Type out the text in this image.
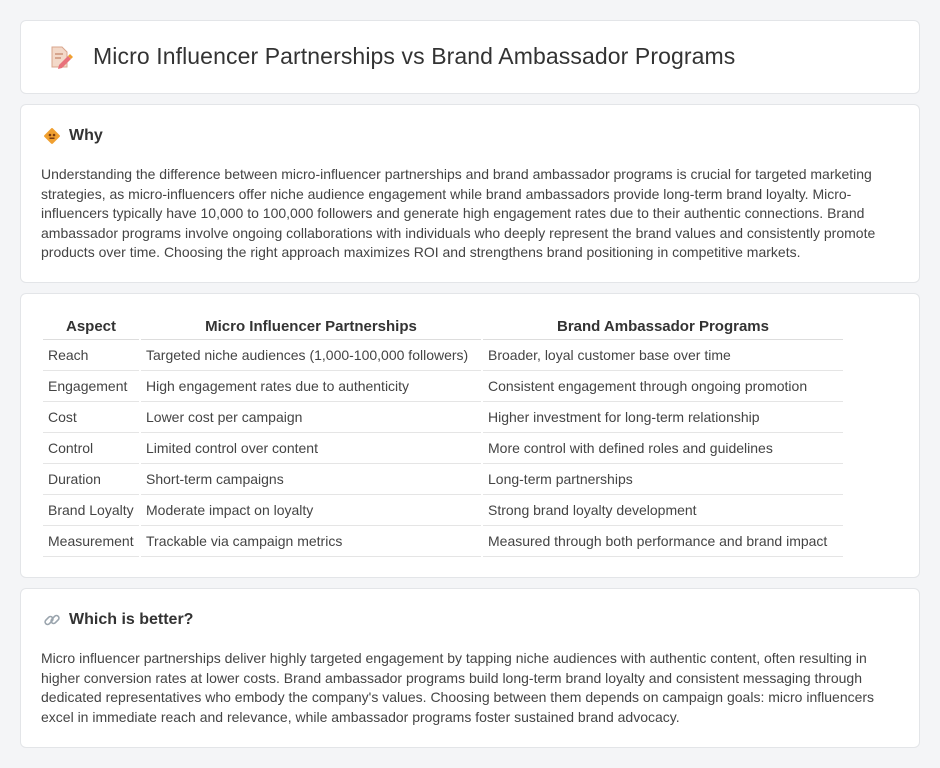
Micro Influencer Partnerships vs Brand Ambassador Programs
Why

Understanding the difference between micro-influencer partnerships and brand ambassador programs is crucial for targeted marketing strategies, as micro-influencers offer niche audience engagement while brand ambassadors provide long-term brand loyalty. Micro-influencers typically have 10,000 to 100,000 followers and generate high engagement rates due to their authentic connections. Brand ambassador programs involve ongoing collaborations with individuals who deeply represent the brand values and consistently promote products over time. Choosing the right approach maximizes ROI and strengthens brand positioning in competitive markets.

Aspect	Micro Influencer Partnerships	Brand Ambassador Programs
Reach	Targeted niche audiences (1,000-100,000 followers)	Broader, loyal customer base over time
Engagement	High engagement rates due to authenticity	Consistent engagement through ongoing promotion
Cost	Lower cost per campaign	Higher investment for long-term relationship
Control	Limited control over content	More control with defined roles and guidelines
Duration	Short-term campaigns	Long-term partnerships
Brand Loyalty	Moderate impact on loyalty	Strong brand loyalty development
Measurement	Trackable via campaign metrics	Measured through both performance and brand impact
Which is better?

Micro influencer partnerships deliver highly targeted engagement by tapping niche audiences with authentic content, often resulting in higher conversion rates at lower costs. Brand ambassador programs build long-term brand loyalty and consistent messaging through dedicated representatives who embody the company's values. Choosing between them depends on campaign goals: micro influencers excel in immediate reach and relevance, while ambassador programs foster sustained brand advocacy.
